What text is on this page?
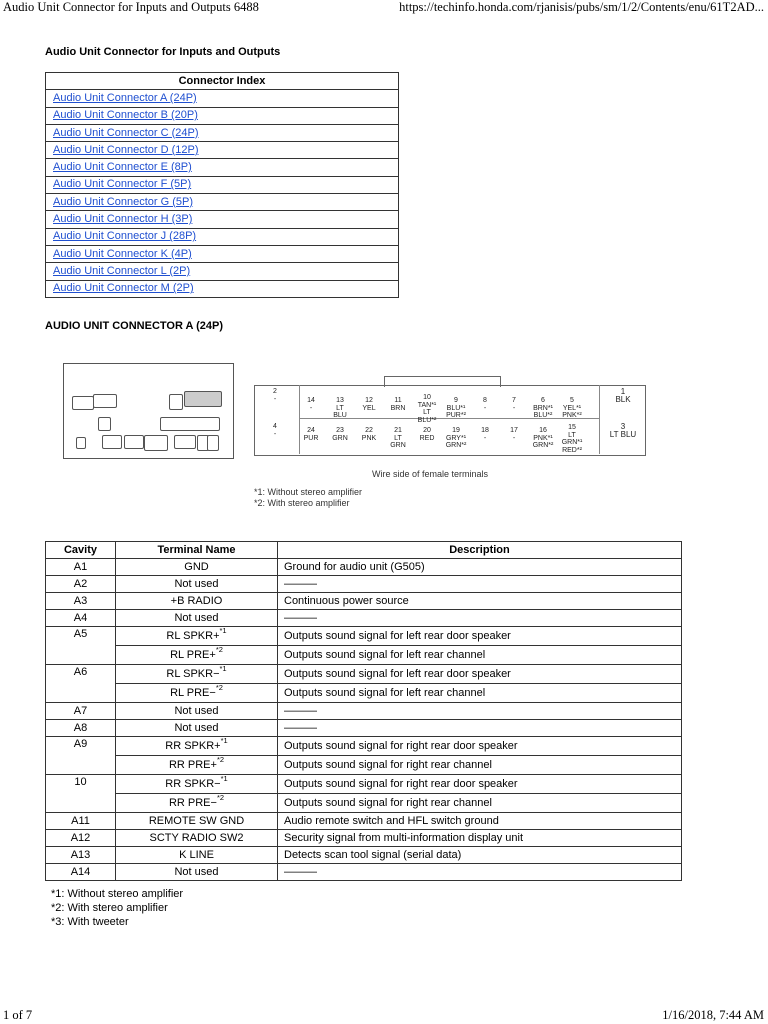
Audio Unit Connector for Inputs and Outputs 6488	https://techinfo.honda.com/rjanisis/pubs/sm/1/2/Contents/enu/61T2AD...
Audio Unit Connector for Inputs and Outputs
Connector Index
Audio Unit Connector A (24P)
Audio Unit Connector B (20P)
Audio Unit Connector C (24P)
Audio Unit Connector D (12P)
Audio Unit Connector E (8P)
Audio Unit Connector F (5P)
Audio Unit Connector G (5P)
Audio Unit Connector H (3P)
Audio Unit Connector J (28P)
Audio Unit Connector K (4P)
Audio Unit Connector L (2P)
Audio Unit Connector M (2P)
AUDIO UNIT CONNECTOR A (24P)
2
-
4
-
1
BLK
3
LT BLU
14
-
13
LT BLU
12
YEL
11
BRN
10
TAN*¹ LT BLU*²
9
BLU*¹ PUR*²
8
-
7
-
6
BRN*¹ BLU*²
5
YEL*¹ PNK*²
24
PUR
23
GRN
22
PNK
21
LT GRN
20
RED
19
GRY*¹ GRN*²
18
-
17
-
16
PNK*¹ GRN*²
15
LT GRN*¹ RED*²
Wire side of female terminals
*1: Without stereo amplifier
*2: With stereo amplifier
Cavity	Terminal Name	Description
A1	GND	Ground for audio unit (G505)
A2	Not used	———
A3	+B RADIO	Continuous power source
A4	Not used	———
A5	RL SPKR+$^{*1}$	Outputs sound signal for left rear door speaker
	RL PRE+$^{*2}$	Outputs sound signal for left rear channel
A6	RL SPKR−$^{*1}$	Outputs sound signal for left rear door speaker
	RL PRE−$^{*2}$	Outputs sound signal for left rear channel
A7	Not used	———
A8	Not used	———
A9	RR SPKR+$^{*1}$	Outputs sound signal for right rear door speaker
	RR PRE+$^{*2}$	Outputs sound signal for right rear channel
10	RR SPKR−$^{*1}$	Outputs sound signal for right rear door speaker
	RR PRE−$^{*2}$	Outputs sound signal for right rear channel
A11	REMOTE SW GND	Audio remote switch and HFL switch ground
A12	SCTY RADIO SW2	Security signal from multi-information display unit
A13	K LINE	Detects scan tool signal (serial data)
A14	Not used	———
*1: Without stereo amplifier
*2: With stereo amplifier
*3: With tweeter
1 of 7	1/16/2018, 7:44 AM
